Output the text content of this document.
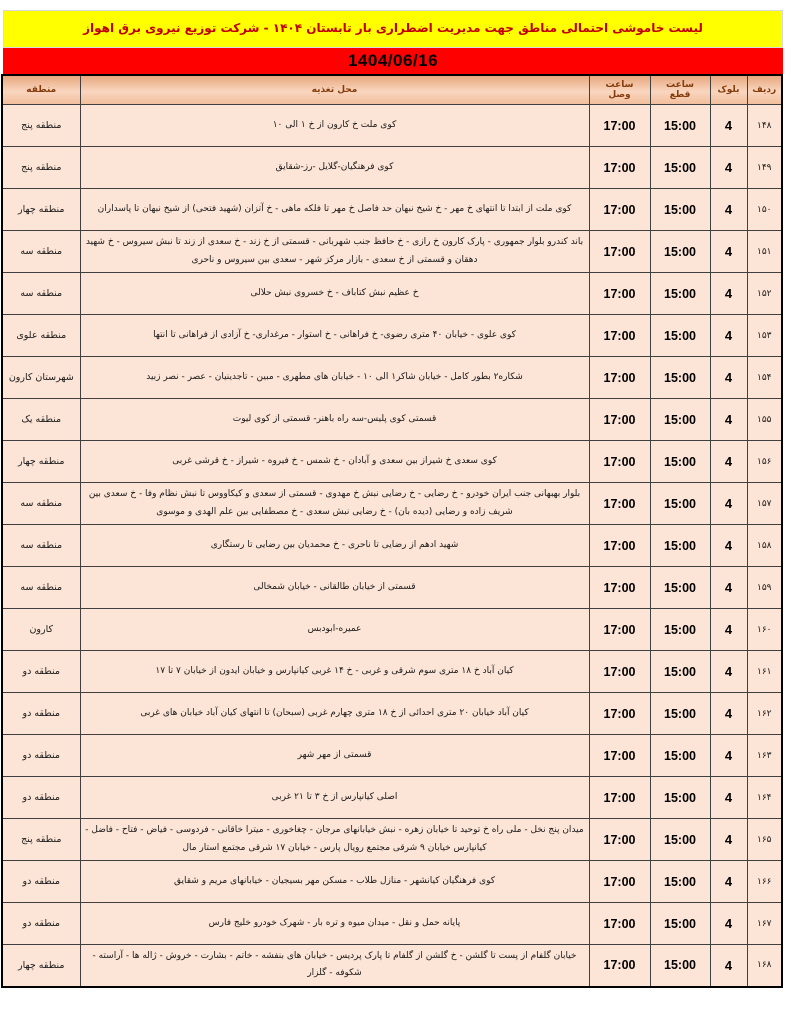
لیست خاموشی احتمالی مناطق جهت مدیریت اضطراری بار تابستان ۱۴۰۴ - شرکت توزیع نیروی برق اهواز
1404/06/16
ردیف	بلوک	ساعت قطع	ساعت وصل	محل تغذیه	منطقه
۱۴۸	4	15:00	17:00	کوی ملت خ کارون از خ ۱ الی ۱۰	منطقه پنج
۱۴۹	4	15:00	17:00	کوی فرهنگیان-گلایل -رز-شقایق	منطقه پنج
۱۵۰	4	15:00	17:00	کوی ملت از ابتدا تا انتهای خ مهر - خ شیخ نبهان حد فاصل خ مهر تا فلکه ماهی - خ آتزان (شهید فتحی) از شیخ نبهان تا پاسداران	منطقه چهار
۱۵۱	4	15:00	17:00	باند کندرو بلوار جمهوری - پارک کارون خ رازی - خ حافظ جنب شهربانی - قسمتی از خ زند - خ سعدی از زند تا نبش سیروس - خ شهید دهقان و قسمتی از خ سعدی - بازار مرکز شهر - سعدی بین سیروس و ناحری	منطقه سه
۱۵۲	4	15:00	17:00	خ عظیم نبش کتاباف - خ خسروی نبش حلالی	منطقه سه
۱۵۳	4	15:00	17:00	کوی علوی - خیابان ۴۰ متری رضوی- خ فراهانی - خ استوار - مرغداری- خ آزادی از فراهانی تا انتها	منطقه علوی
۱۵۴	4	15:00	17:00	شکاره۲ بطور کامل - خیابان شاکر۱ الی ۱۰ - خیابان های مطهری - مبین - تاجدینیان - عصر - نصر زبید	شهرستان کارون
۱۵۵	4	15:00	17:00	قسمتی کوی پلیس-سه راه باهنر- قسمتی از کوی لیوت	منطقه یک
۱۵۶	4	15:00	17:00	کوی سعدی خ شیراز بین سعدی و آبادان - خ شمس - خ فیروه - شیراز - خ قرشی غربی	منطقه چهار
۱۵۷	4	15:00	17:00	بلوار بهبهانی جنب ایران خودرو - خ رضایی - خ رضایی نبش خ مهدوی - قسمتی از سعدی و کیکاووس تا نبش نظام وفا - خ سعدی بین شریف زاده و رضایی (دیده بان) - خ رضایی نبش سعدی - خ مصطفایی بین علم الهدی و موسوی	منطقه سه
۱۵۸	4	15:00	17:00	شهید ادهم از رضایی تا ناحری - خ محمدیان بین رضایی تا رستگاری	منطقه سه
۱۵۹	4	15:00	17:00	قسمتی از خیابان طالقانی - خیابان شمخالی	منطقه سه
۱۶۰	4	15:00	17:00	عمیره-ابودبس	کارون
۱۶۱	4	15:00	17:00	کیان آباد خ ۱۸ متری سوم شرقی و غربی - خ ۱۴ غربی کیانپارس و خیابان ایدون از خیابان ۷ تا ۱۷	منطقه دو
۱۶۲	4	15:00	17:00	کیان آباد خیابان ۲۰ متری احدائی از خ ۱۸ متری چهارم غربی (سبحان) تا انتهای کیان آباد خیابان های غربی	منطقه دو
۱۶۳	4	15:00	17:00	قسمتی از مهر شهر	منطقه دو
۱۶۴	4	15:00	17:00	اصلی کیانپارس از خ ۳ تا ۲۱ غربی	منطقه دو
۱۶۵	4	15:00	17:00	میدان پنج نخل - ملی راه خ توحید تا خیابان زهره - نبش خیابانهای مرجان - چغاخوری - میترا خاقانی - فردوسی - فیاض - فتاح - فاضل - کیانپارس خیابان ۹ شرقی مجتمع رویال پارس - خیابان ۱۷ شرقی مجتمع استار مال	منطقه پنج
۱۶۶	4	15:00	17:00	کوی فرهنگیان کیانشهر - منازل طلاب - مسکن مهر بسیجیان - خیابانهای مریم و شقایق	منطقه دو
۱۶۷	4	15:00	17:00	پایانه حمل و نقل - میدان میوه و تره بار - شهرک خودرو خلیج فارس	منطقه دو
۱۶۸	4	15:00	17:00	خیابان گلفام از پست تا گلشن - خ گلشن از گلفام تا پارک پردیس - خیابان های بنفشه - خاتم - بشارت - خروش - ژاله ها - آراسته - شکوفه - گلزار	منطقه چهار
